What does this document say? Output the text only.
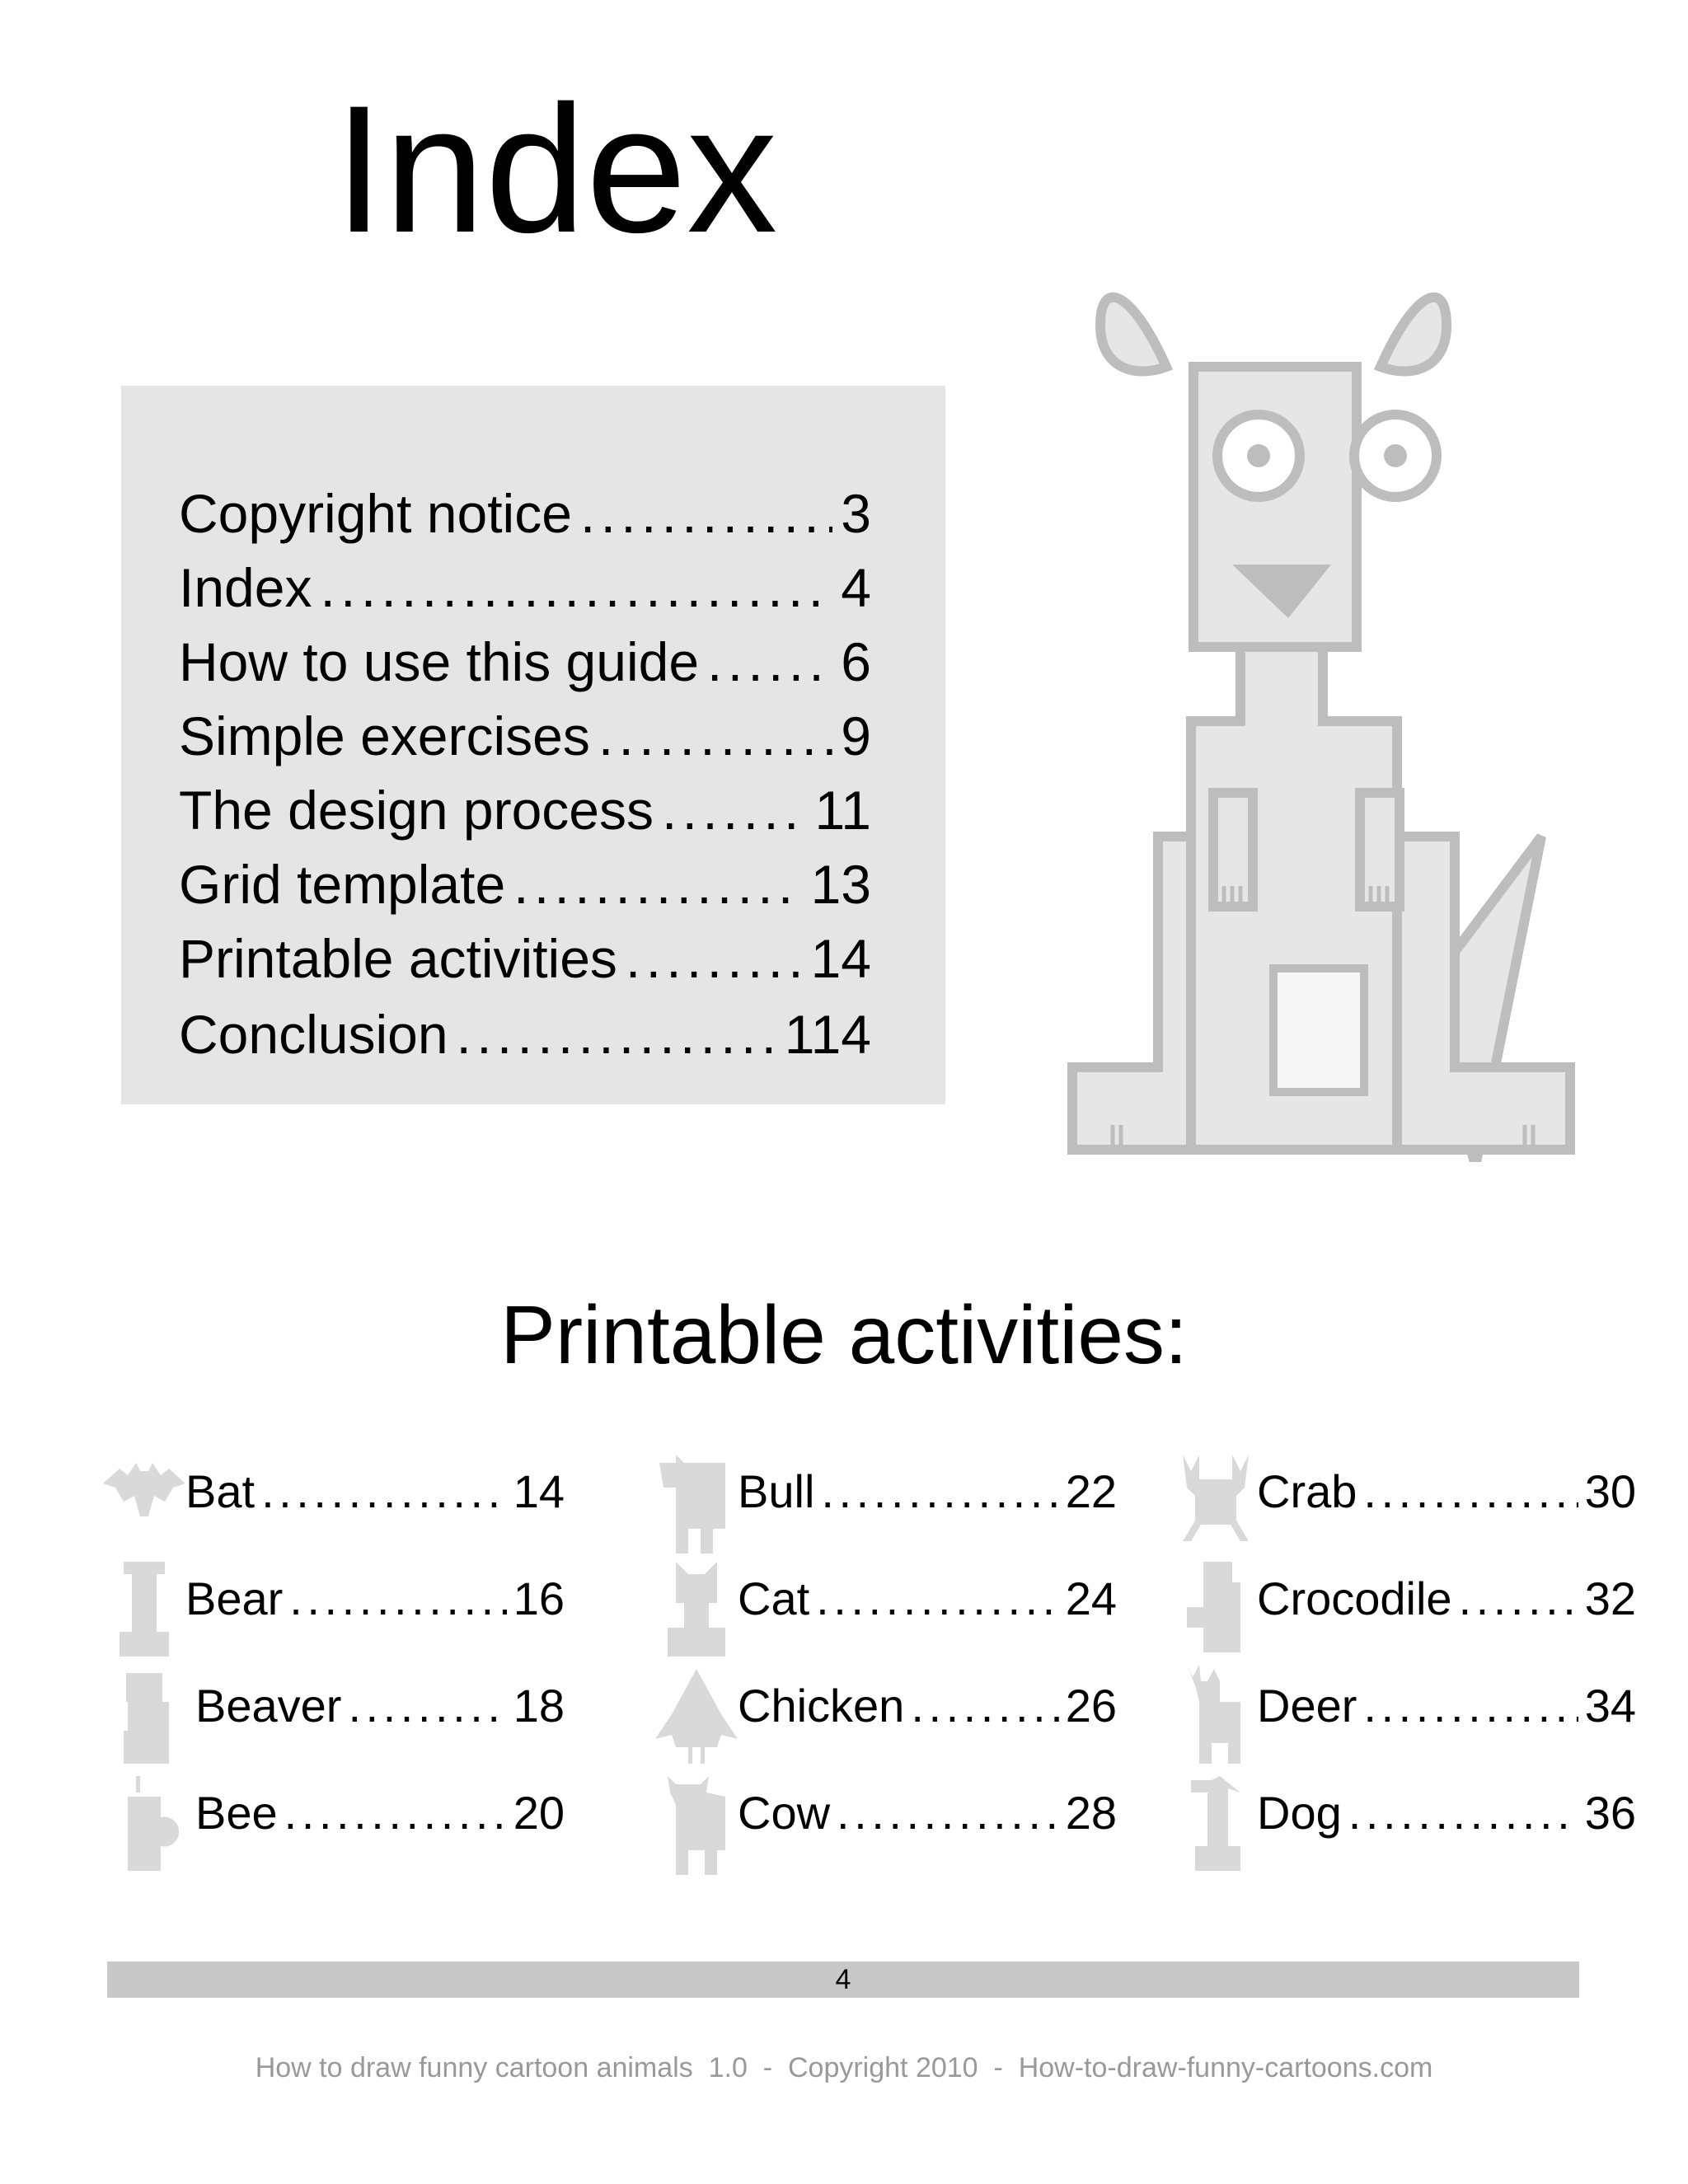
Index
Copyright notice . . .	3
Index . . .	4
How to use this guide . . .	6
Simple exercises . . .	9
The design process . . .	11
Grid template . . .	13
Printable activities . . .	14
Conclusion . . .	114
Printable activities:
Bat . . .	14
Bear . . .	16
Beaver . . .	18
Bee . . .	20
Bull . . .	22
Cat . . .	24
Chicken . . .	26
Cow . . .	28
Crab . . .	30
Crocodile . . .	32
Deer . . .	34
Dog . . .	36
4
How to draw funny cartoon animals  1.0  -  Copyright 2010  -  How-to-draw-funny-cartoons.com
